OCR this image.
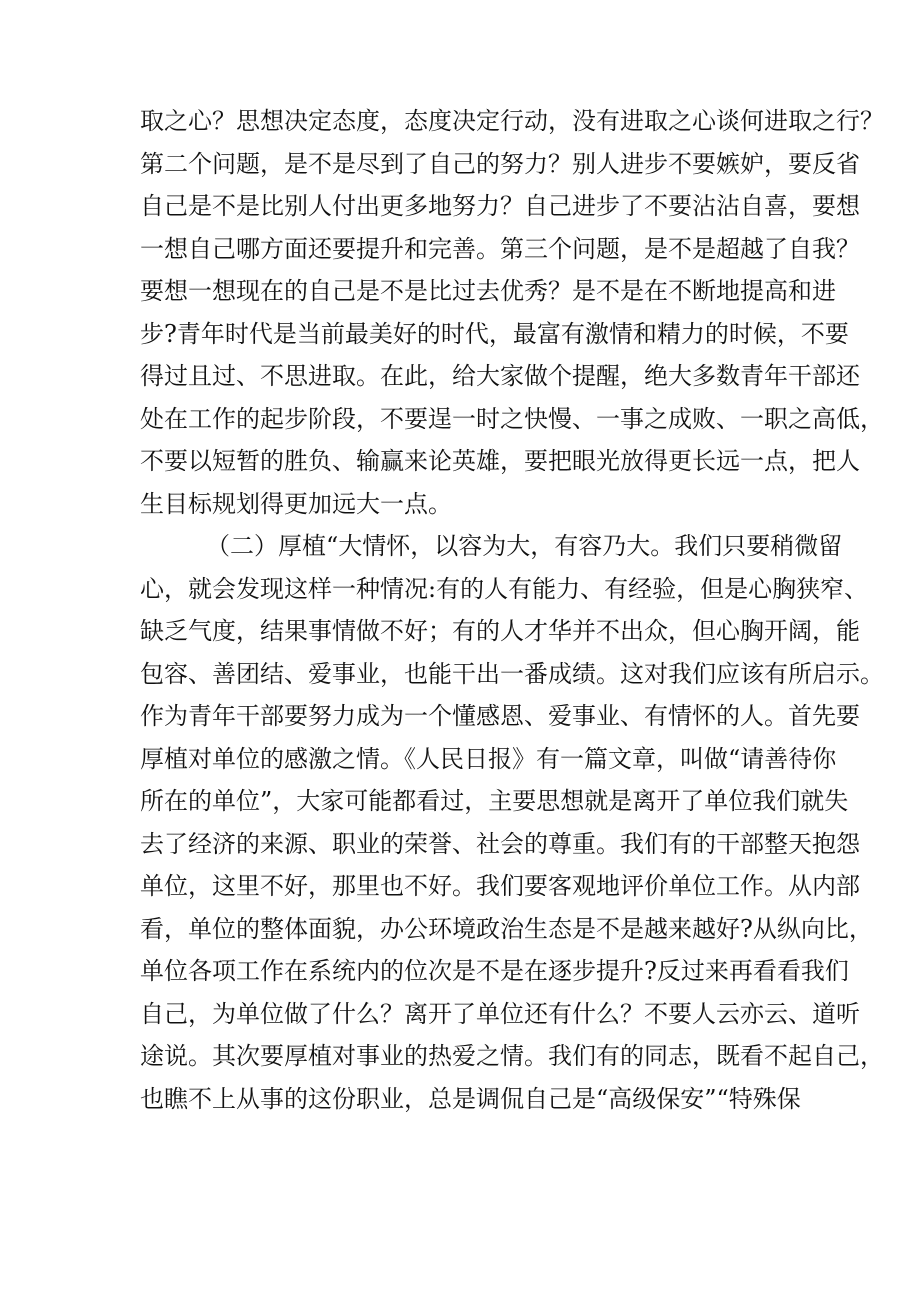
取之心？思想决定态度，态度决定行动，没有进取之心谈何进取之行？
第二个问题，是不是尽到了自己的努力？别人进步不要嫉妒，要反省
自己是不是比别人付出更多地努力？自己进步了不要沾沾自喜，要想
一想自己哪方面还要提升和完善。第三个问题，是不是超越了自我？
要想一想现在的自己是不是比过去优秀？是不是在不断地提高和进
步?青年时代是当前最美好的时代，最富有激情和精力的时候，不要
得过且过、不思进取。在此，给大家做个提醒，绝大多数青年干部还
处在工作的起步阶段，不要逞一时之快慢、一事之成败、一职之高低，
不要以短暂的胜负、输赢来论英雄，要把眼光放得更长远一点，把人
生目标规划得更加远大一点。
（二）厚植“大情怀，以容为大，有容乃大。我们只要稍微留
心，就会发现这样一种情况:有的人有能力、有经验，但是心胸狭窄、
缺乏气度，结果事情做不好；有的人才华并不出众，但心胸开阔，能
包容、善团结、爱事业，也能干出一番成绩。这对我们应该有所启示。
作为青年干部要努力成为一个懂感恩、爱事业、有情怀的人。首先要
厚植对单位的感激之情。《人民日报》有一篇文章，叫做“请善待你
所在的单位”，大家可能都看过，主要思想就是离开了单位我们就失
去了经济的来源、职业的荣誉、社会的尊重。我们有的干部整天抱怨
单位，这里不好，那里也不好。我们要客观地评价单位工作。从内部
看，单位的整体面貌，办公环境政治生态是不是越来越好?从纵向比，
单位各项工作在系统内的位次是不是在逐步提升?反过来再看看我们
自己，为单位做了什么？离开了单位还有什么？不要人云亦云、道听
途说。其次要厚植对事业的热爱之情。我们有的同志，既看不起自己，
也瞧不上从事的这份职业，总是调侃自己是“高级保安”“特殊保
